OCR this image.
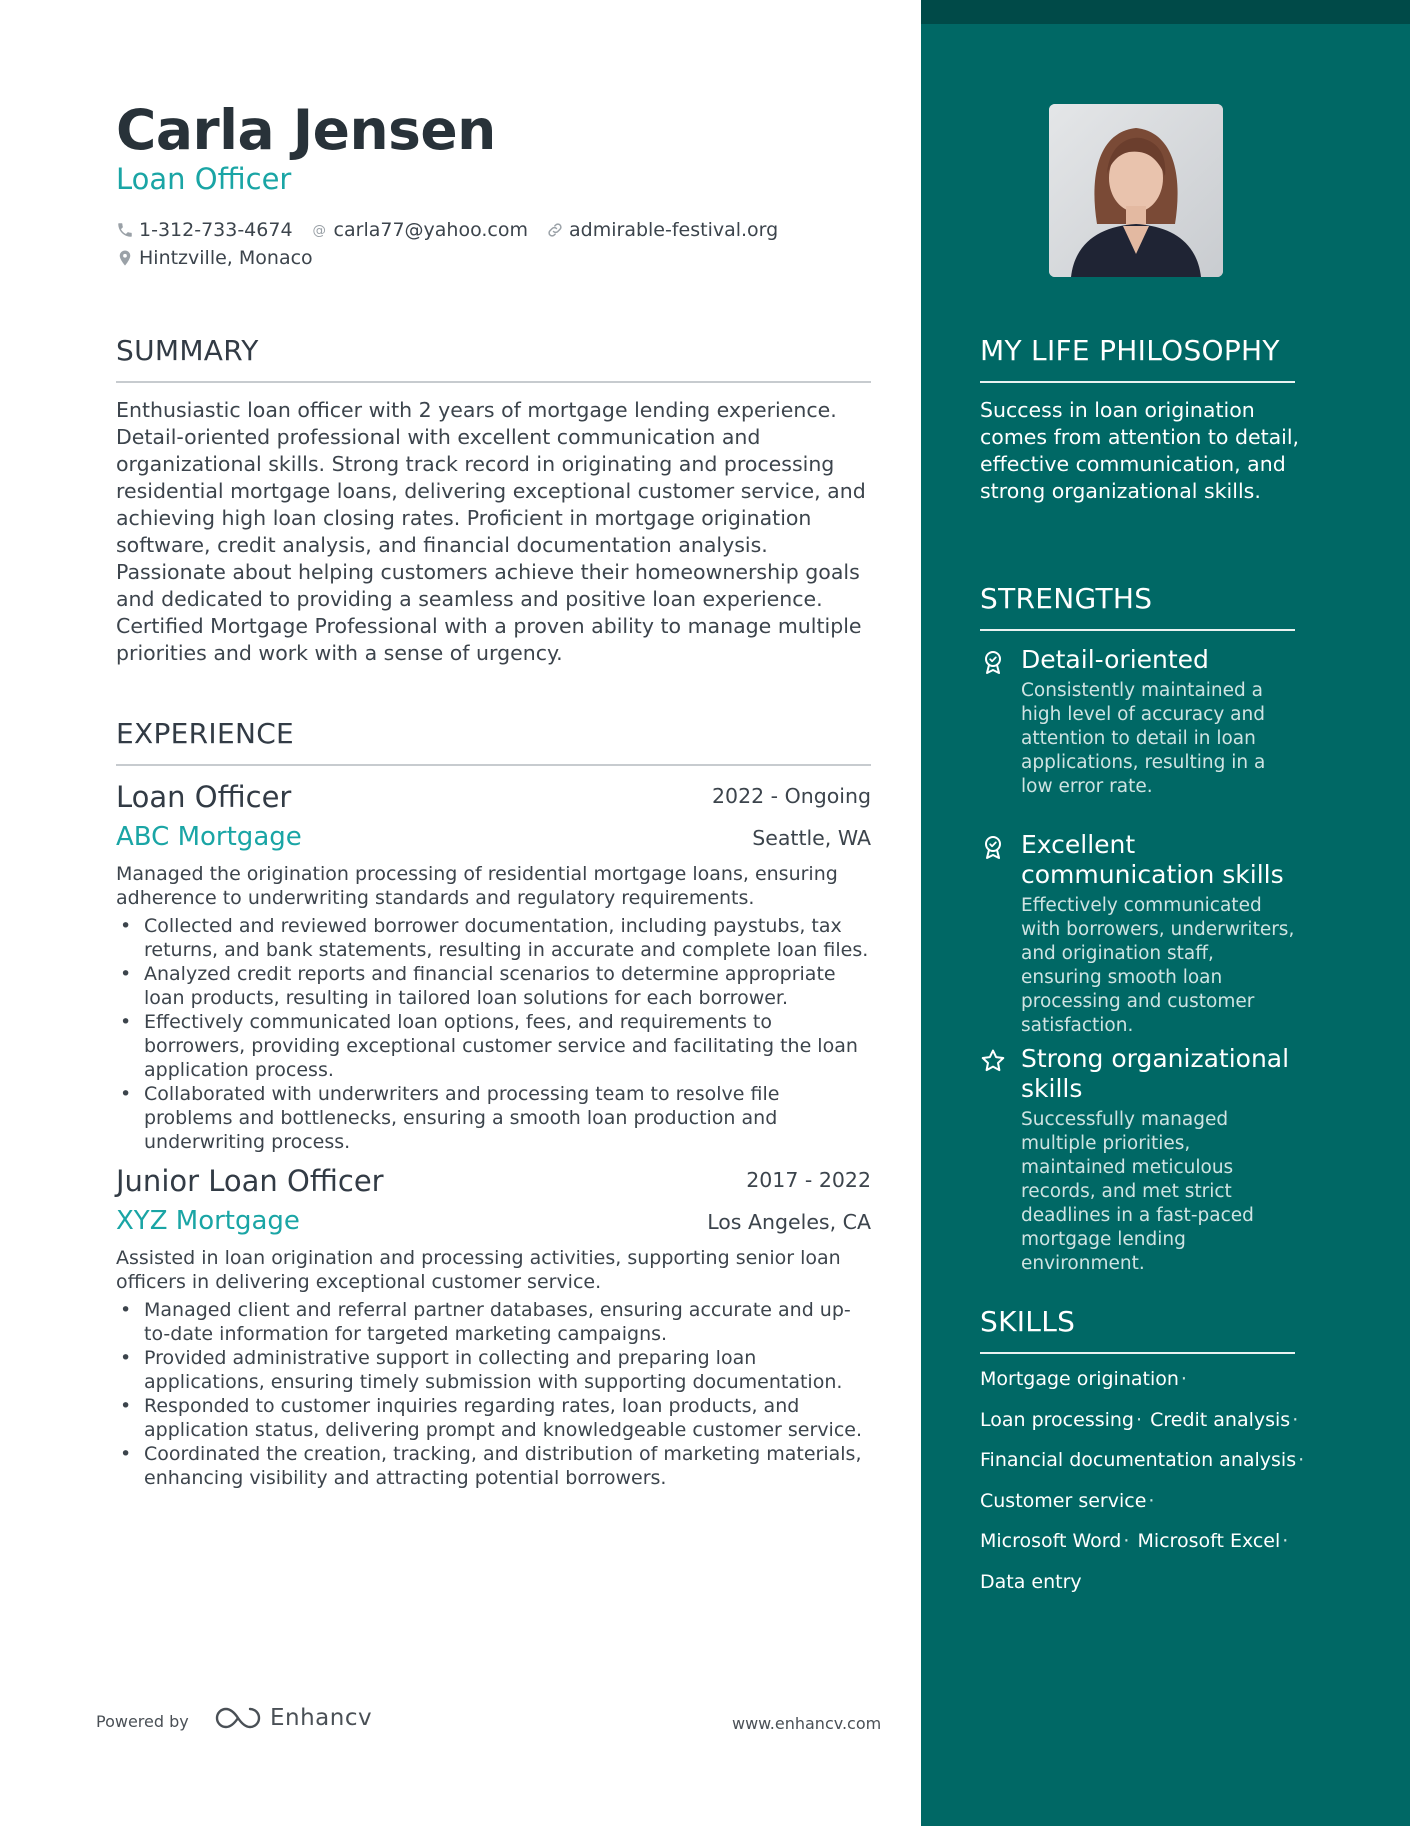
Carla Jensen
Loan Officer
1-312-733-4674 @ carla77@yahoo.com admirable-festival.org
Hintzville, Monaco
SUMMARY
Enthusiastic loan officer with 2 years of mortgage lending experience. Detail-oriented professional with excellent communication and organizational skills. Strong track record in originating and processing residential mortgage loans, delivering exceptional customer service, and achieving high loan closing rates. Proficient in mortgage origination software, credit analysis, and financial documentation analysis. Passionate about helping customers achieve their homeownership goals and dedicated to providing a seamless and positive loan experience. Certified Mortgage Professional with a proven ability to manage multiple priorities and work with a sense of urgency.
EXPERIENCE
Loan Officer	2022 - Ongoing
ABC Mortgage	Seattle, WA
Managed the origination processing of residential mortgage loans, ensuring adherence to underwriting standards and regulatory requirements.
• Collected and reviewed borrower documentation, including paystubs, tax returns, and bank statements, resulting in accurate and complete loan files.
• Analyzed credit reports and financial scenarios to determine appropriate loan products, resulting in tailored loan solutions for each borrower.
• Effectively communicated loan options, fees, and requirements to borrowers, providing exceptional customer service and facilitating the loan application process.
• Collaborated with underwriters and processing team to resolve file problems and bottlenecks, ensuring a smooth loan production and underwriting process.
Junior Loan Officer	2017 - 2022
XYZ Mortgage	Los Angeles, CA
Assisted in loan origination and processing activities, supporting senior loan officers in delivering exceptional customer service.
• Managed client and referral partner databases, ensuring accurate and up-to-date information for targeted marketing campaigns.
• Provided administrative support in collecting and preparing loan applications, ensuring timely submission with supporting documentation.
• Responded to customer inquiries regarding rates, loan products, and application status, delivering prompt and knowledgeable customer service.
• Coordinated the creation, tracking, and distribution of marketing materials, enhancing visibility and attracting potential borrowers.
Powered by	Enhancv	www.enhancv.com
MY LIFE PHILOSOPHY
Success in loan origination comes from attention to detail, effective communication, and strong organizational skills.
STRENGTHS
Detail-oriented
Consistently maintained a high level of accuracy and attention to detail in loan applications, resulting in a low error rate.
Excellent communication skills
Effectively communicated with borrowers, underwriters, and origination staff, ensuring smooth loan processing and customer satisfaction.
Strong organizational skills
Successfully managed multiple priorities, maintained meticulous records, and met strict deadlines in a fast-paced mortgage lending environment.
SKILLS
Mortgage origination ·
Loan processing · Credit analysis ·
Financial documentation analysis ·
Customer service ·
Microsoft Word · Microsoft Excel ·
Data entry
